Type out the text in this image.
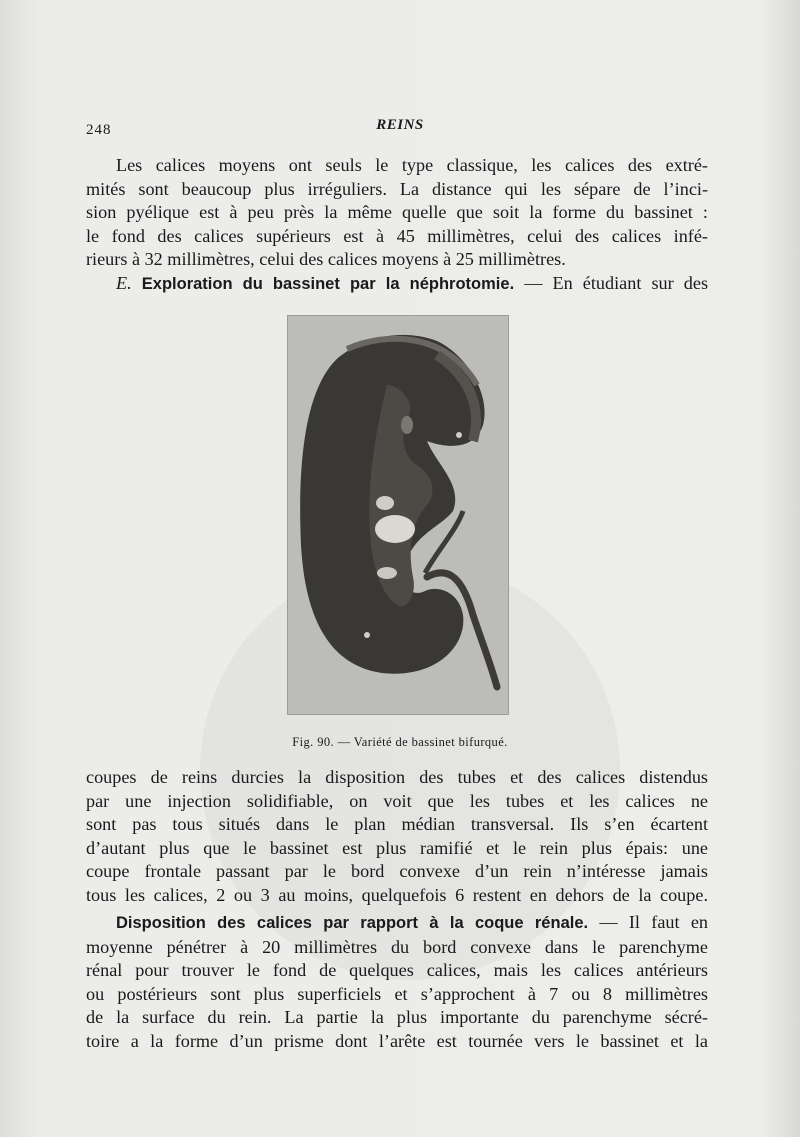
248	REINS
Les calices moyens ont seuls le type classique, les calices des extré-
mités sont beaucoup plus irréguliers. La distance qui les sépare de l’inci-
sion pyélique est à peu près la même quelle que soit la forme du bassinet :
le fond des calices supérieurs est à 45 millimètres, celui des calices infé-
rieurs à 32 millimètres, celui des calices moyens à 25 millimètres.
E. Exploration du bassinet par la néphrotomie. — En étudiant sur des
Fig. 90. — Variété de bassinet bifurqué.
coupes de reins durcies la disposition des tubes et des calices distendus
par une injection solidifiable, on voit que les tubes et les calices ne
sont pas tous situés dans le plan médian transversal. Ils s’en écartent
d’autant plus que le bassinet est plus ramifié et le rein plus épais: une
coupe frontale passant par le bord convexe d’un rein n’intéresse jamais
tous les calices, 2 ou 3 au moins, quelquefois 6 restent en dehors de la coupe.
Disposition des calices par rapport à la coque rénale. — Il faut en
moyenne pénétrer à 20 millimètres du bord convexe dans le parenchyme
rénal pour trouver le fond de quelques calices, mais les calices antérieurs
ou postérieurs sont plus superficiels et s’approchent à 7 ou 8 millimètres
de la surface du rein. La partie la plus importante du parenchyme sécré-
toire a la forme d’un prisme dont l’arête est tournée vers le bassinet et la
